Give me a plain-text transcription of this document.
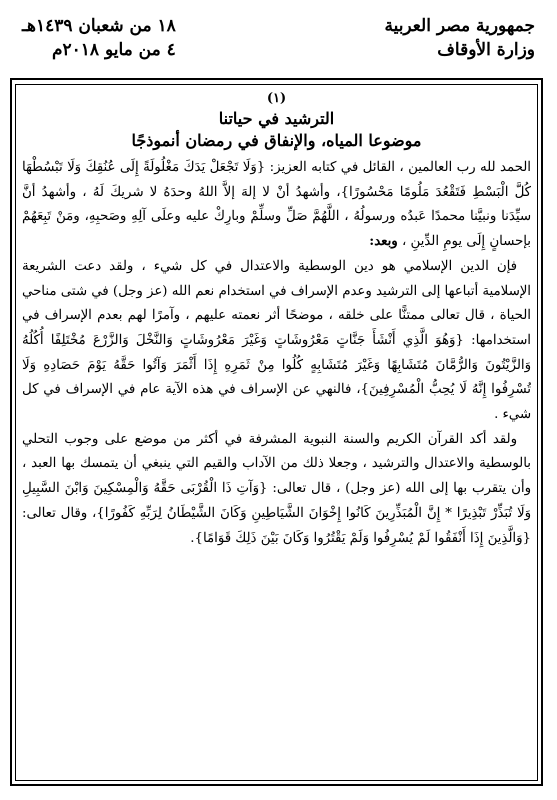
جمهورية مصر العربية
وزارة الأوقاف
١٨ من شعبان ١٤٣٩هـ
٤ من مايو ٢٠١٨م
(١)
الترشيد في حياتنا
موضوعا المياه، والإنفاق في رمضان أنموذجًا

الحمد لله رب العالمين ، القائل في كتابه العزيز: {وَلَا تَجْعَلْ يَدَكَ مَغْلُولَةً إِلَى عُنُقِكَ وَلَا تَبْسُطْهَا كُلَّ الْبَسْطِ فَتَقْعُدَ مَلُومًا مَحْسُورًا}، وأشهدُ أنْ لا إلهَ إلاَّ اللهُ وحدَهُ لا شريكَ لَهُ ، وأشهدُ أنَّ سيِّدَنا ونبيَّنا محمدًا عَبدُه ورسولُهُ ، اللَّهُمَّ صَلِّ وسلِّمْ وبارِكْ عليه وعلَى آلِهِ وصَحبِهِ، ومَنْ تَبِعَهُمْ بإحسانٍ إِلَى يومِ الدِّينِ ، وبعد:

فإن الدين الإسلامي هو دين الوسطية والاعتدال في كل شيء ، ولقد دعت الشريعة الإسلامية أتباعها إلى الترشيد وعدم الإسراف في استخدام نعم الله (عز وجل) في شتى مناحي الحياة ، قال تعالى ممتنًّا على خلقه ، موضحًا أثر نعمته عليهم ، وآمرًا لهم بعدم الإسراف في استخدامها: {وَهُوَ الَّذِي أَنْشَأَ جَنَّاتٍ مَعْرُوشَاتٍ وَغَيْرَ مَعْرُوشَاتٍ وَالنَّخْلَ وَالزَّرْعَ مُخْتَلِفًا أُكُلُهُ وَالزَّيْتُونَ وَالرُّمَّانَ مُتَشَابِهًا وَغَيْرَ مُتَشَابِهٍ كُلُوا مِنْ ثَمَرِهِ إِذَا أَثْمَرَ وَآتُوا حَقَّهُ يَوْمَ حَصَادِهِ وَلَا تُسْرِفُوا إِنَّهُ لَا يُحِبُّ الْمُسْرِفِينَ}، فالنهي عن الإسراف في هذه الآية عام في الإسراف في كل شيء .

ولقد أكد القرآن الكريم والسنة النبوية المشرفة في أكثر من موضع على وجوب التحلي بالوسطية والاعتدال والترشيد ، وجعلا ذلك من الآداب والقيم التي ينبغي أن يتمسك بها العبد ، وأن يتقرب بها إلى الله (عز وجل) ، قال تعالى: {وَآتِ ذَا الْقُرْبَى حَقَّهُ وَالْمِسْكِينَ وَابْنَ السَّبِيلِ وَلَا تُبَذِّرْ تَبْذِيرًا * إِنَّ الْمُبَذِّرِينَ كَانُوا إِخْوَانَ الشَّيَاطِينِ وَكَانَ الشَّيْطَانُ لِرَبِّهِ كَفُورًا}، وقال تعالى: {وَالَّذِينَ إِذَا أَنْفَقُوا لَمْ يُسْرِفُوا وَلَمْ يَقْتُرُوا وَكَانَ بَيْنَ ذَلِكَ قَوَامًا}.
